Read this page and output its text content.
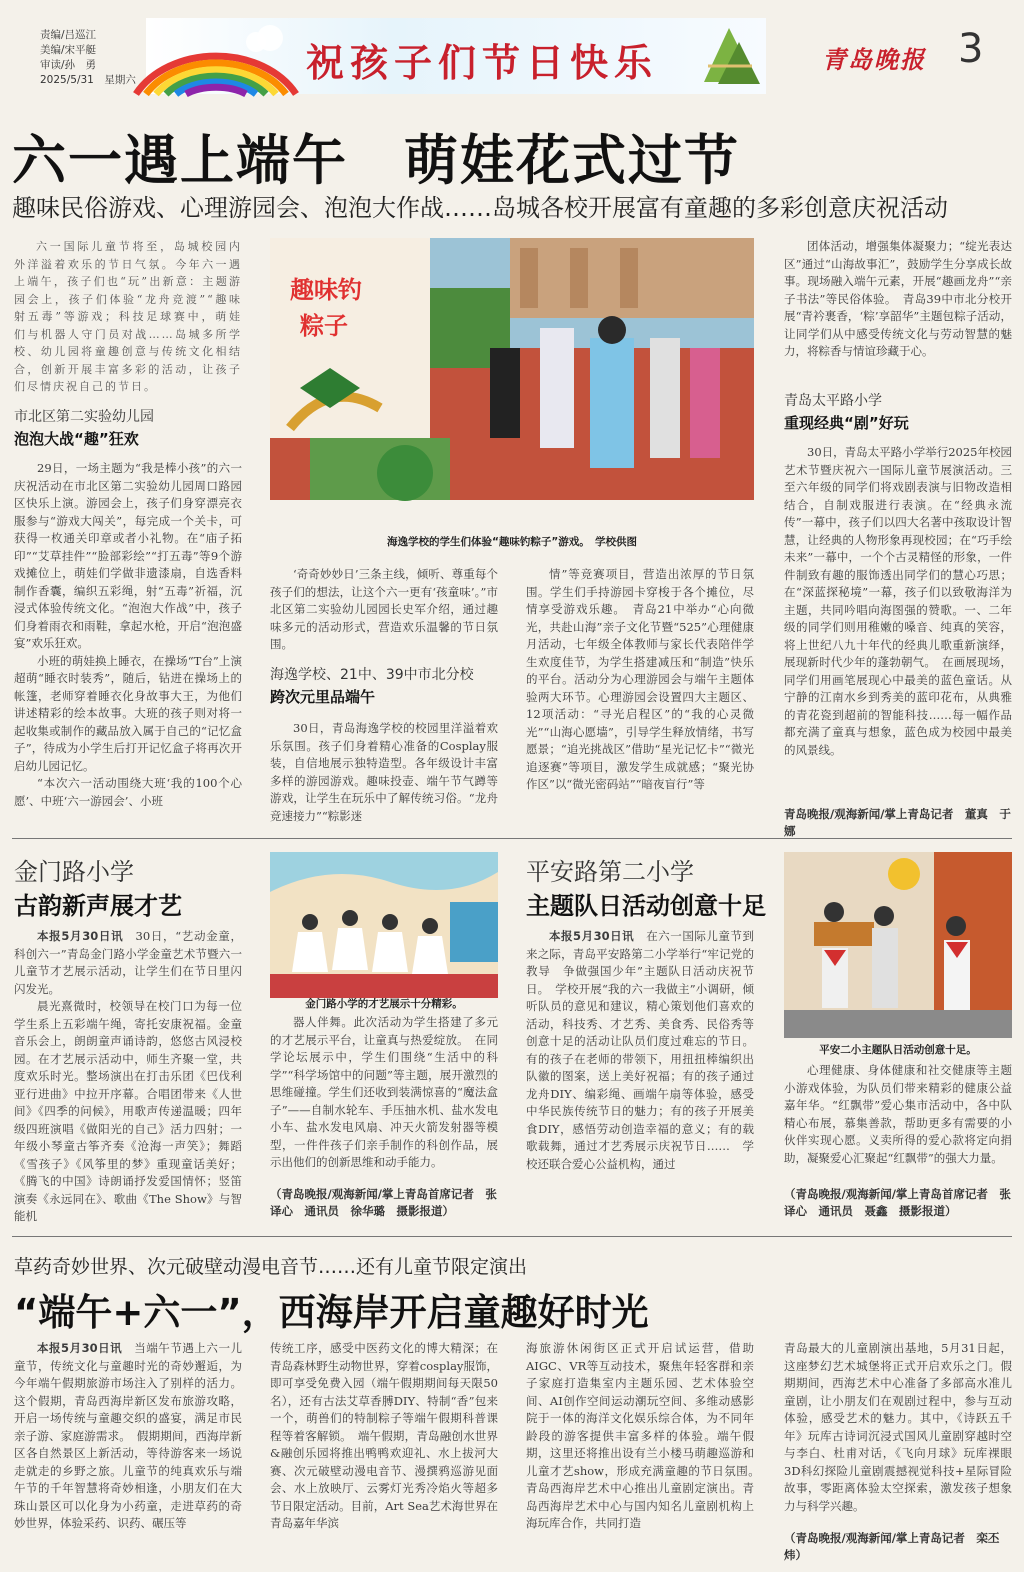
责编/吕巡江
美编/宋平艇
审读/孙　勇
2025/5/31　星期六	祝孩子们节日快乐	青岛晚报 3
六一遇上端午　萌娃花式过节
趣味民俗游戏、心理游园会、泡泡大作战……岛城各校开展富有童趣的多彩创意庆祝活动

六一国际儿童节将至，岛城校园内外洋溢着欢乐的节日气氛。今年六一遇上端午，孩子们也“玩”出新意：主题游园会上，孩子们体验“龙舟竞渡”“趣味射五毒”等游戏；科技足球赛中，萌娃们与机器人守门员对战……岛城多所学校、幼儿园将童趣创意与传统文化相结合，创新开展丰富多彩的活动，让孩子们尽情庆祝自己的节日。

市北区第二实验幼儿园
泡泡大战“趣”狂欢

29日，一场主题为“我是棒小孩”的六一庆祝活动在市北区第二实验幼儿园周口路园区快乐上演。游园会上，孩子们身穿漂亮衣服参与“游戏大闯关”，每完成一个关卡，可获得一枚通关印章或者小礼物。在“庙子拓印”“艾草挂件”“脸部彩绘”“打五毒”等9个游戏摊位上，萌娃们学做非遗漆扇，自选香料制作香囊，编织五彩绳，射“五毒”祈福，沉浸式体验传统文化。“泡泡大作战”中，孩子们身着雨衣和雨鞋，拿起水枪，开启“泡泡盛宴”欢乐狂欢。

小班的萌娃换上睡衣，在操场“T台”上演超萌“睡衣时装秀”，随后，钻进在操场上的帐篷，老师穿着睡衣化身故事大王，为他们讲述精彩的绘本故事。大班的孩子则对将一起收集或制作的藏品放入属于自己的“记忆盒子”，待成为小学生后打开记忆盒子将再次开启幼儿园记忆。

“本次六一活动围绕大班‘我的100个心愿’、中班‘六一游园会’、小班

趣味钓
粽子
海逸学校的学生们体验“趣味钓粽子”游戏。　学校供图

‘奇奇妙妙日’三条主线，倾听、尊重每个孩子们的想法，让这个六一更有‘孩童味’。”市北区第二实验幼儿园园长史军介绍，通过趣味多元的活动形式，营造欢乐温馨的节日氛围。

海逸学校、21中、39中市北分校
跨次元里品端午

30日，青岛海逸学校的校园里洋溢着欢乐氛围。孩子们身着精心准备的Cosplay服装，自信地展示独特造型。各年级设计丰富多样的游园游戏。趣味投壶、端午节气蹲等游戏，让学生在玩乐中了解传统习俗。“龙舟竞速接力”“粽影迷

情”等竞赛项目，营造出浓厚的节日氛围。学生们手持游园卡穿梭于各个摊位，尽情享受游戏乐趣。　青岛21中举办“心向微光，共赴山海”亲子文化节暨“525”心理健康月活动，七年级全体教师与家长代表陪伴学生欢度佳节，为学生搭建减压和“制造”快乐的平台。活动分为心理游园会与端午主题体验两大环节。心理游园会设置四大主题区、12项活动：“寻光启程区”的“我的心灵微光”“山海心愿墙”，引导学生释放情绪，书写愿景；“追光挑战区”借助“星光记忆卡”“微光追逐赛”等项目，激发学生成就感；“聚光协作区”以“微光密码站”“暗夜盲行”等

团体活动，增强集体凝聚力；“绽光表达区”通过“山海故事汇”，鼓励学生分享成长故事。现场融入端午元素，开展“趣画龙舟”“亲子书法”等民俗体验。　青岛39中市北分校开展“青衿裹香，‘粽’享韶华”主题包粽子活动，让同学们从中感受传统文化与劳动智慧的魅力，将粽香与情谊珍藏于心。

青岛太平路小学
重现经典“剧”好玩

30日，青岛太平路小学举行2025年校园艺术节暨庆祝六一国际儿童节展演活动。三至六年级的同学们将戏剧表演与旧物改造相结合，自制戏服进行表演。在“经典永流传”一幕中，孩子们以四大名著中孩取设计智慧，让经典的人物形象再现校园；在“巧手绘未来”一幕中，一个个古灵精怪的形象，一件件制致有趣的服饰透出同学们的慧心巧思；在“深蓝探秘境”一幕，孩子们以致敬海洋为主题，共同吟唱向海图强的赞歌。一、二年级的同学们则用稚嫩的嗓音、纯真的笑容，将上世纪八九十年代的经典儿歌重新演绎，展现新时代少年的蓬勃朝气。　在画展现场，同学们用画笔展现心中最美的蓝色童话。从宁静的江南水乡到秀美的蓝印花布，从典雅的青花瓷到超前的智能科技……每一幅作品都充满了童真与想象，蓝色成为校园中最美的风景线。

青岛晚报/观海新闻/掌上青岛记者　董真　于娜
金门路小学
古韵新声展才艺

本报5月30日讯　 30日，“艺动金童，科创六一”青岛金门路小学金童艺术节暨六一儿童节才艺展示活动，让学生们在节日里闪闪发光。

晨光熹微时，校领导在校门口为每一位学生系上五彩端午绳，寄托安康祝福。金童音乐会上，朗朗童声诵诗韵，悠悠古风浸校园。在才艺展示活动中，师生齐聚一堂，共度欢乐时光。整场演出在打击乐团《巴伐利亚行进曲》中拉开序幕。合唱团带来《人世间》《四季的问候》，用歌声传递温暖；四年级四班演唱《做阳光的自己》活力四射；一年级小琴童古筝齐奏《沧海一声笑》；舞蹈《雪孩子》《风筝里的梦》重现童话美好；《腾飞的中国》诗朗诵抒发爱国情怀；竖笛演奏《永远同在》、歌曲《The Show》与智能机

金门路小学的才艺展示十分精彩。

器人伴舞。此次活动为学生搭建了多元的才艺展示平台，让童真与热爱绽放。　在同学论坛展示中，学生们围绕“生活中的科学”“科学场馆中的问题”等主题，展开激烈的思维碰撞。学生们还收到装满惊喜的“魔法盒子”——自制水轮车、手压抽水机、盐水发电小车、盐水发电风扇、冲天火箭发射器等模型，一件件孩子们亲手制作的科创作品，展示出他们的创新思维和动手能力。

（青岛晚报/观海新闻/掌上青岛首席记者　张译心　通讯员　徐华璐　摄影报道）
平安路第二小学
主题队日活动创意十足

本报5月30日讯　 在六一国际儿童节到来之际，青岛平安路第二小学举行“牢记党的教导　争做强国少年”主题队日活动庆祝节日。　学校开展“我的六一我做主”小调研，倾听队员的意见和建议，精心策划他们喜欢的活动，科技秀、才艺秀、美食秀、民俗秀等创意十足的活动让队员们度过难忘的节日。有的孩子在老师的带领下，用扭扭棒编织出队徽的图案，送上美好祝福；有的孩子通过龙舟DIY、编彩绳、画端午扇等体验，感受中华民族传统节日的魅力；有的孩子开展美食DIY，感悟劳动创造幸福的意义；有的载歌载舞，通过才艺秀展示庆祝节日……　学校还联合爱心公益机构，通过

平安二小主题队日活动创意十足。

心理健康、身体健康和社交健康等主题小游戏体验，为队员们带来精彩的健康公益嘉年华。“红飘带”爱心集市活动中，各中队精心布展，慕集善款，帮助更多有需要的小伙伴实现心愿。义卖所得的爱心款将定向捐助，凝聚爱心汇聚起“红飘带”的强大力量。

（青岛晚报/观海新闻/掌上青岛首席记者　张译心　通讯员　聂鑫　摄影报道）
草药奇妙世界、次元破壁动漫电音节……还有儿童节限定演出
“端午+六一”，西海岸开启童趣好时光

本报5月30日讯　 当端午节遇上六一儿童节，传统文化与童趣时光的奇妙邂逅，为今年端午假期旅游市场注入了别样的活力。这个假期，青岛西海岸新区发布旅游攻略，开启一场传统与童趣交织的盛宴，满足市民亲子游、家庭游需求。　假期期间，西海岸新区各自然景区上新活动，等待游客来一场说走就走的乡野之旅。儿童节的纯真欢乐与端午节的千年智慧将奇妙相逢，小朋友们在大珠山景区可以化身为小药童，走进草药的奇妙世界，体验采药、识药、碾压等

传统工序，感受中医药文化的博大精深；在青岛森林野生动物世界，穿着cosplay服饰，即可享受免费入园（端午假期期间每天限50名），还有古法艾草香膊DIY、特制“香”包来一个，萌兽们的特制粽子等端午假期科普课程等着客解锁。　端午假期，青岛融创水世界&融创乐园将推出鸭鸭欢迎礼、水上拔河大赛、次元破壁动漫电音节、漫撰鸦巡游见面会、水上放映厅、云雾灯光秀冷焰火等超多节日限定活动。目前，Art Sea艺术海世界在青岛嘉年华滨

海旅游休闲街区正式开启试运营，借助AIGC、VR等互动技术，聚焦年轻客群和亲子家庭打造集室内主题乐园、艺术体验空间、AI创作空间运动潮玩空间、多维动感影院于一体的海洋文化娱乐综合体，为不同年龄段的游客提供丰富多样的体验。端午假期，这里还将推出设有兰小楼马萌趣巡游和儿童才艺show，形成充满童趣的节日氛围。　青岛西海岸艺术中心推出儿童剧定演出。青岛西海岸艺术中心与国内知名儿童剧机构上海玩库合作，共同打造

青岛最大的儿童剧演出基地，5月31日起，这座梦幻艺术城堡将正式开启欢乐之门。假期期间，西海艺术中心准备了多部高水准儿童剧，让小朋友们在观剧过程中，参与互动体验，感受艺术的魅力。其中，《诗跃五千年》玩库古诗词沉浸式国风儿童剧穿越时空与李白、杜甫对话，《飞向月球》玩库裸眼3D科幻探险儿童剧震撼视觉科技+星际冒险故事，零距离体验太空探索，激发孩子想象力与科学兴趣。

（青岛晚报/观海新闻/掌上青岛记者　栾丕炜）
